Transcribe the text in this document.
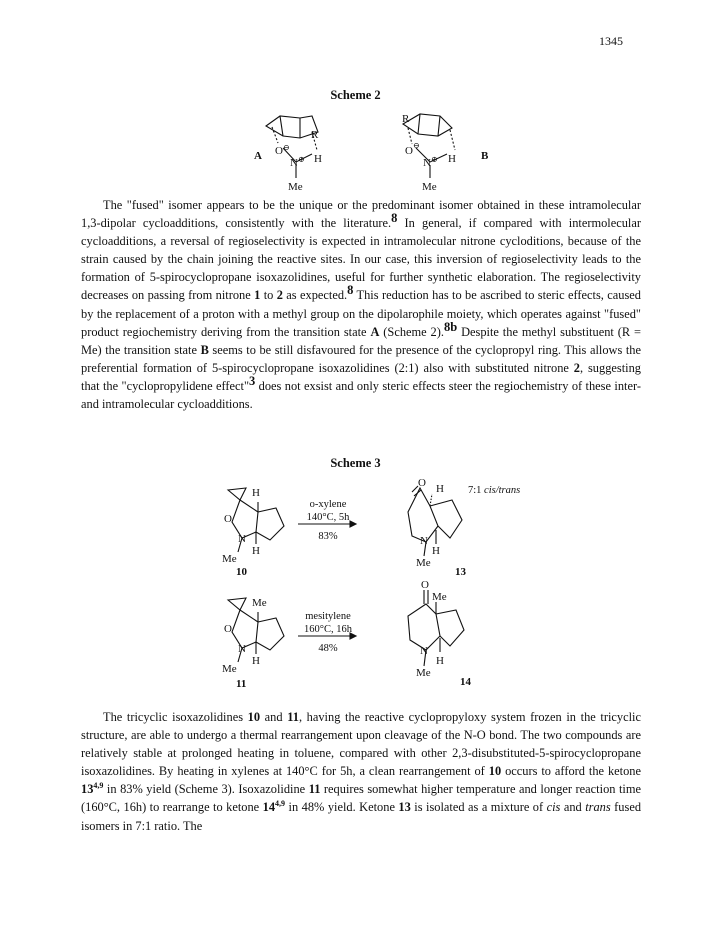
1345
Scheme 2
R
O ⊖
N ⊕ H
Me
R
O ⊖
N ⊕ H
Me
A	B

The "fused" isomer appears to be the unique or the predominant isomer obtained in these intramolecular 1,3-dipolar cycloadditions, consistently with the literature.8 In general, if compared with intermolecular cycloadditions, a reversal of regioselectivity is expected in intramolecular nitrone cycloditions, because of the strain caused by the chain joining the reactive sites. In our case, this inversion of regioselectivity leads to the formation of 5-spirocyclopropane isoxazolidines, useful for further synthetic elaboration. The regioselectivity decreases on passing from nitrone 1 to 2 as expected.8 This reduction has to be ascribed to steric effects, caused by the replacement of a proton with a methyl group on the dipolarophile moiety, which operates against "fused" product regiochemistry deriving from the transition state A (Scheme 2).8b Despite the methyl substituent (R = Me) the transition state B seems to be still disfavoured for the presence of the cyclopropyl ring. This allows the preferential formation of 5-spirocyclopropane isoxazolidines (2:1) also with substituted nitrone 2, suggesting that the "cyclopropylidene effect"3 does not exsist and only steric effects steer the regiochemistry of these inter- and intramolecular cycloadditions.

Scheme 3
H
O
N
H
Me
O H
N
H
Me
Me
O
N
H
Me
O
Me
N
H
Me
o-xylene
140°C, 5h
83%
mesitylene
160°C, 16h
48%
7:1 cis/trans
10	13
11	14

The tricyclic isoxazolidines 10 and 11, having the reactive cyclopropyloxy system frozen in the tricyclic structure, are able to undergo a thermal rearrangement upon cleavage of the N-O bond. The two compounds are relatively stable at prolonged heating in toluene, compared with other 2,3-disubstituted-5-spirocyclopropane isoxazolidines. By heating in xylenes at 140°C for 5h, a clean rearrangement of 10 occurs to afford the ketone 13$^{4,9}$ in 83% yield (Scheme 3). Isoxazolidine 11 requires somewhat higher temperature and longer reaction time (160°C, 16h) to rearrange to ketone 14$^{4,9}$ in 48% yield. Ketone 13 is isolated as a mixture of cis and trans fused isomers in 7:1 ratio. The
